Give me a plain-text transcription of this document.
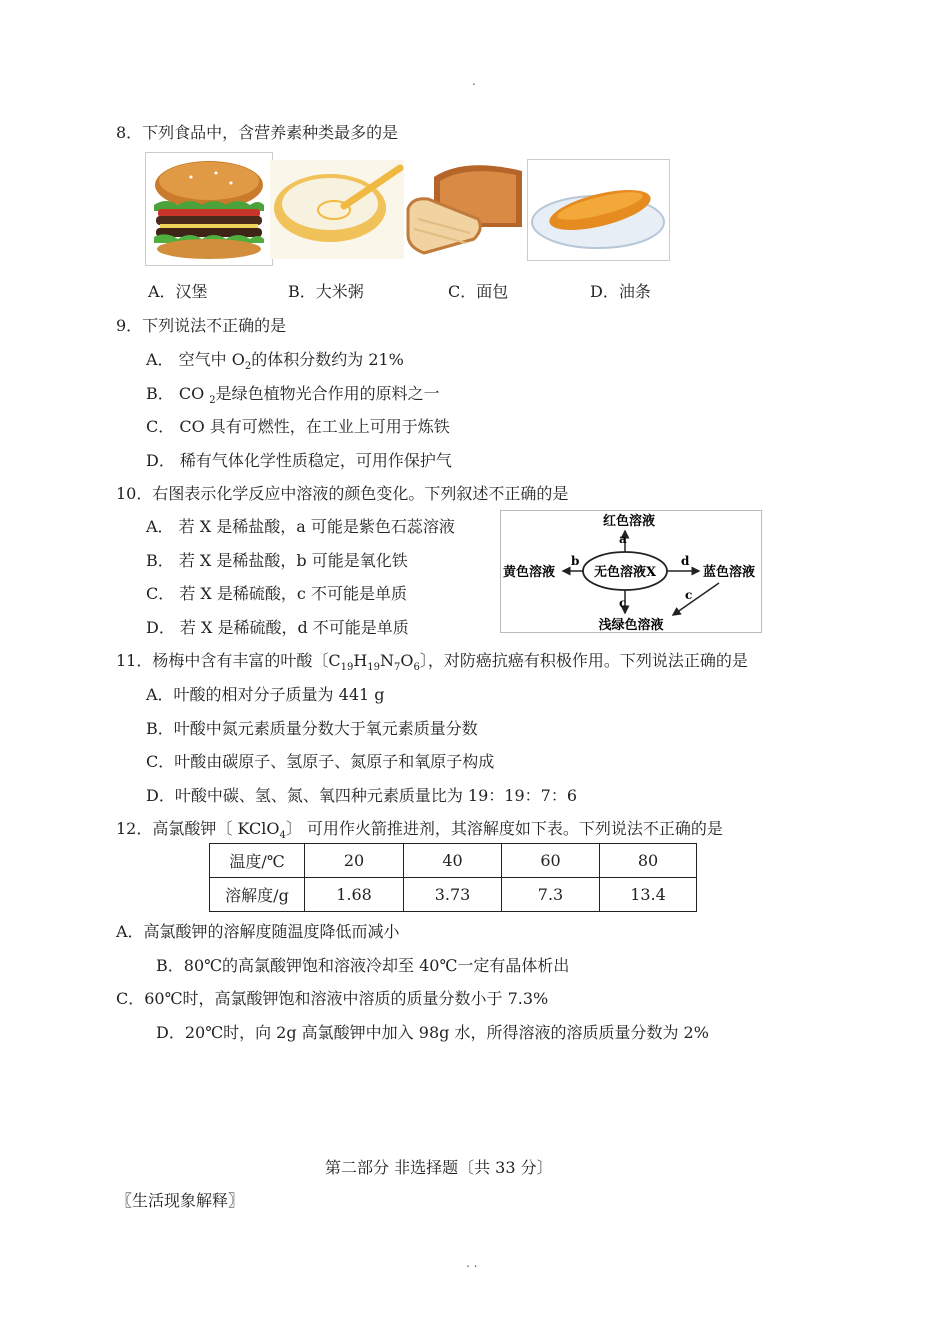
.
8．下列食品中，含营养素种类最多的是
A．汉堡	B．大米粥	C．面包	D．油条
9．下列说法不正确的是
A． 空气中 $O_2$的体积分数约为 21%
B． CO $_2$是绿色植物光合作用的原料之一
C． CO 具有可燃性，在工业上可用于炼铁
D． 稀有气体化学性质稳定，可用作保护气
10．右图表示化学反应中溶液的颜色变化。下列叙述不正确的是
A． 若 X 是稀盐酸，a 可能是紫色石蕊溶液
B． 若 X 是稀盐酸，b 可能是氧化铁
C． 若 X 是稀硫酸，c 不可能是单质
D． 若 X 是稀硫酸，d 不可能是单质
无色溶液X
红色溶液
黄色溶液	蓝色溶液
浅绿色溶液
a
b	d
c
c
11．杨梅中含有丰富的叶酸〔$C_{19}H_{19}N_7O_6$〕，对防癌抗癌有积极作用。下列说法正确的是
A．叶酸的相对分子质量为 441 g
B．叶酸中氮元素质量分数大于氧元素质量分数
C．叶酸由碳原子、氢原子、氮原子和氧原子构成
D．叶酸中碳、氢、氮、氧四种元素质量比为 19：19：7：6
12．高氯酸钾〔 KClO$_4$〕 可用作火箭推进剂，其溶解度如下表。下列说法不正确的是
温度/℃	20	40	60	80
溶解度/g	1.68	3.73	7.3	13.4
A．高氯酸钾的溶解度随温度降低而减小
B．80℃的高氯酸钾饱和溶液冷却至 40℃一定有晶体析出
C．60℃时，高氯酸钾饱和溶液中溶质的质量分数小于 7.3%
D．20℃时，向 2g 高氯酸钾中加入 98g 水，所得溶液的溶质质量分数为 2%
第二部分 非选择题〔共 33 分〕
〖生活现象解释〗
. .
